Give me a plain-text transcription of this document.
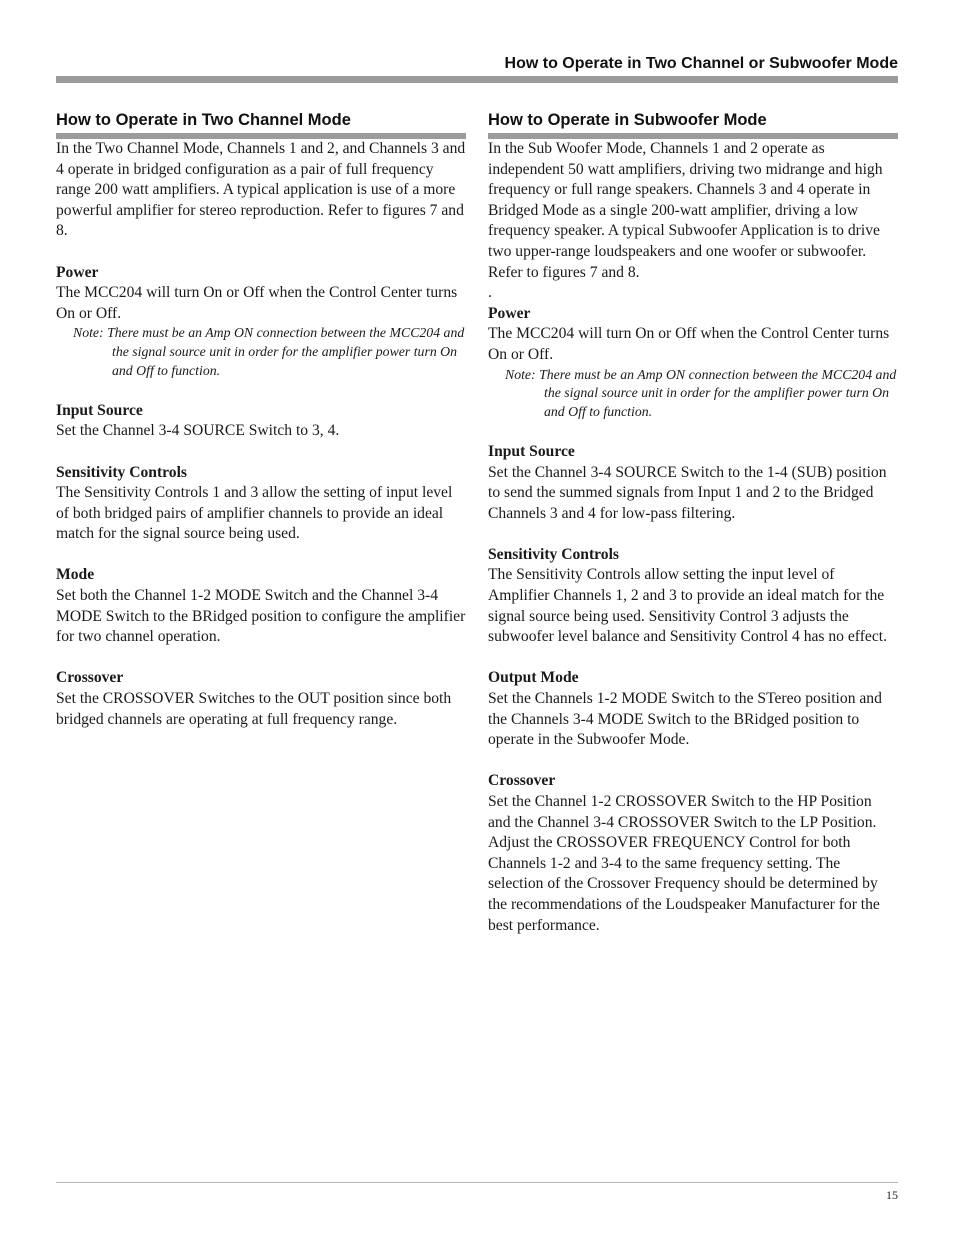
How to Operate in Two Channel or Subwoofer Mode
How to Operate in Two Channel Mode

In the Two Channel Mode, Channels 1 and 2, and Channels 3 and 4 operate in bridged configuration as a pair of full frequency range 200 watt amplifiers. A typical application is use of a more powerful amplifier for stereo reproduction. Refer to figures 7 and 8.

Power

The MCC204 will turn On or Off when the Control Center turns On or Off.

Note: There must be an Amp ON connection between the MCC204 and the signal source unit in order for the amplifier power turn On and Off to function.

Input Source

Set the Channel 3-4 SOURCE Switch to 3, 4.

Sensitivity Controls

The Sensitivity Controls 1 and 3 allow the setting of input level of both bridged pairs of amplifier channels to provide an ideal match for the signal source being used.

Mode

Set both the Channel 1-2 MODE Switch and the Channel 3-4 MODE Switch to the BRidged position to configure the amplifier for two channel operation.

Crossover

Set the CROSSOVER Switches to the OUT position since both bridged channels are operating at full frequency range.

How to Operate in Subwoofer Mode

In the Sub Woofer Mode, Channels 1 and 2 operate as independent 50 watt amplifiers, driving two midrange and high frequency or full range speakers. Channels 3 and 4 operate in Bridged Mode as a single 200-watt amplifier, driving a low frequency speaker. A typical Subwoofer Application is to drive two upper-range loudspeakers and one woofer or subwoofer. Refer to figures 7 and 8.

.

Power

The MCC204 will turn On or Off when the Control Center turns On or Off.

Note: There must be an Amp ON connection between the MCC204 and the signal source unit in order for the amplifier power turn On and Off to function.

Input Source

Set the Channel 3-4 SOURCE Switch to the 1-4 (SUB) position to send the summed signals from Input 1 and 2 to the Bridged Channels 3 and 4 for low-pass filtering.

Sensitivity Controls

The Sensitivity Controls allow setting the input level of Amplifier Channels 1, 2 and 3 to provide an ideal match for the signal source being used. Sensitivity Control 3 adjusts the subwoofer level balance and Sensitivity Control 4 has no effect.

Output Mode

Set the Channels 1-2 MODE Switch to the STereo position and the Channels 3-4 MODE Switch to the BRidged position to operate in the Subwoofer Mode.

Crossover

Set the Channel 1-2 CROSSOVER Switch to the HP Position and the Channel 3-4 CROSSOVER Switch to the LP Position. Adjust the CROSSOVER FREQUENCY Control for both Channels 1-2 and 3-4 to the same frequency setting. The selection of the Crossover Frequency should be determined by the recommendations of the Loudspeaker Manufacturer for the best performance.

15
